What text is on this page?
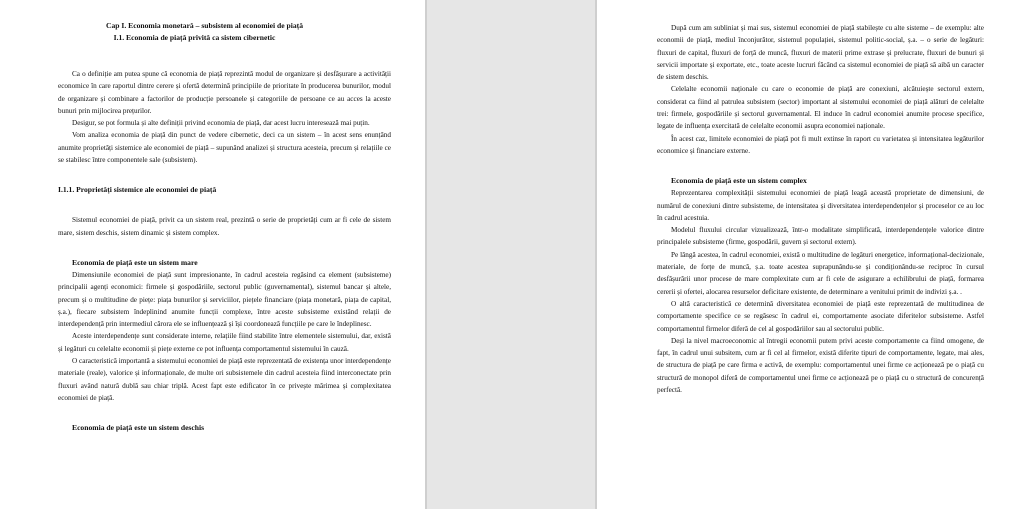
Cap I. Economia monetară – subsistem al economiei de piață

I.1. Economia de piață privită ca sistem cibernetic

Ca o definiție am putea spune că economia de piață reprezintă modul de organizare și desfășurare a activității economice în care raportul dintre cerere și ofertă determină principiile de prioritate în producerea bunurilor, modul de organizare și combinare a factorilor de producție persoanele și categoriile de persoane ce au acces la aceste bunuri prin mijlocirea prețurilor.

Desigur, se pot formula și alte definiții privind economia de piață, dar acest lucru interesează mai puțin.

Vom analiza economia de piață din punct de vedere cibernetic, deci ca un sistem – în acest sens enunțând anumite proprietăți sistemice ale economiei de piață – supunând analizei și structura acesteia, precum și relațiile ce se stabilesc între componentele sale (subsistem).

I.1.1. Proprietăți sistemice ale economiei de piață

Sistemul economiei de piață, privit ca un sistem real, prezintă o serie de proprietăți cum ar fi cele de sistem mare, sistem deschis, sistem dinamic și sistem complex.

Economia de piață este un sistem mare

Dimensiunile economiei de piață sunt impresionante, în cadrul acesteia regăsind ca element (subsisteme) principalii agenți economici: firmele și gospodăriile, sectorul public (guvernamental), sistemul bancar și altele, precum și o multitudine de piețe: piața bunurilor și serviciilor, piețele financiare (piața monetară, piața de capital, ș.a.), fiecare subsistem îndeplinind anumite funcții complexe, între aceste subsisteme existând relații de interdependență prin intermediul cărora ele se influențează și își coordonează funcțiile pe care le îndeplinesc.

Aceste interdependențe sunt considerate interne, relațiile fiind stabilite între elementele sistemului, dar, există și legături cu celelalte economii și piețe externe ce pot influența comportamentul sistemului în cauză.

O caracteristică importantă a sistemului economiei de piață este reprezentată de existența unor interdependențe materiale (reale), valorice și informaționale, de multe ori subsistemele din cadrul acesteia fiind interconectate prin fluxuri având natură dublă sau chiar triplă. Acest fapt este edificator în ce privește mărimea și complexitatea economiei de piață.

Economia de piață este un sistem deschis

După cum am subliniat și mai sus, sistemul economiei de piață stabilește cu alte sisteme – de exemplu: alte economii de piață, mediul înconjurător, sistemul populației, sistemul politic-social, ș.a. – o serie de legături: fluxuri de capital, fluxuri de forță de muncă, fluxuri de materii prime extrase și prelucrate, fluxuri de bunuri și servicii importate și exportate, etc., toate aceste lucruri făcând ca sistemul economiei de piață să aibă un caracter de sistem deschis.

Celelalte economii naționale cu care o economie de piață are conexiuni, alcătuiește sectorul extern, considerat ca fiind al patrulea subsistem (sector) important al sistemului economiei de piață alături de celelalte trei: firmele, gospodăriile și sectorul guvernamental. El induce în cadrul economiei anumite procese specifice, legate de influența exercitată de celelalte economii asupra economiei naționale.

În acest caz, limitele economiei de piață pot fi mult extinse în raport cu varietatea și intensitatea legăturilor economice și financiare externe.

Economia de piață este un sistem complex

Reprezentarea complexității sistemului economiei de piață leagă această proprietate de dimensiuni, de numărul de conexiuni dintre subsisteme, de intensitatea și diversitatea interdependențelor și proceselor ce au loc în cadrul acestuia.

Modelul fluxului circular vizualizează, într-o modalitate simplificată, interdependențele valorice dintre principalele subsisteme (firme, gospodării, guvern și sectorul extern).

Pe lângă acestea, în cadrul economiei, există o multitudine de legături energetice, informațional-decizionale, materiale, de forțe de muncă, ș.a. toate acestea suprapunându-se și condiționându-se reciproc în cursul desfășurării unor procese de mare complexitate cum ar fi cele de asigurare a echilibrului de piață, formarea cererii și ofertei, alocarea resurselor deficitare existente, de determinare a venitului primit de indivizi ș.a. .

O altă caracteristică ce determină diversitatea economiei de piață este reprezentată de multitudinea de comportamente specifice ce se regăsesc în cadrul ei, comportamente asociate diferitelor subsisteme. Astfel comportamentul firmelor diferă de cel al gospodăriilor sau al sectorului public.

Deși la nivel macroeconomic al întregii economii putem privi aceste comportamente ca fiind omogene, de fapt, în cadrul unui subsitem, cum ar fi cel al firmelor, există diferite tipuri de comportamente, legate, mai ales, de structura de piață pe care firma e activă, de exemplu: comportamentul unei firme ce acționează pe o piață cu structură de monopol diferă de comportamentul unei firme ce acționează pe o piață cu o structură de concurență perfectă.
